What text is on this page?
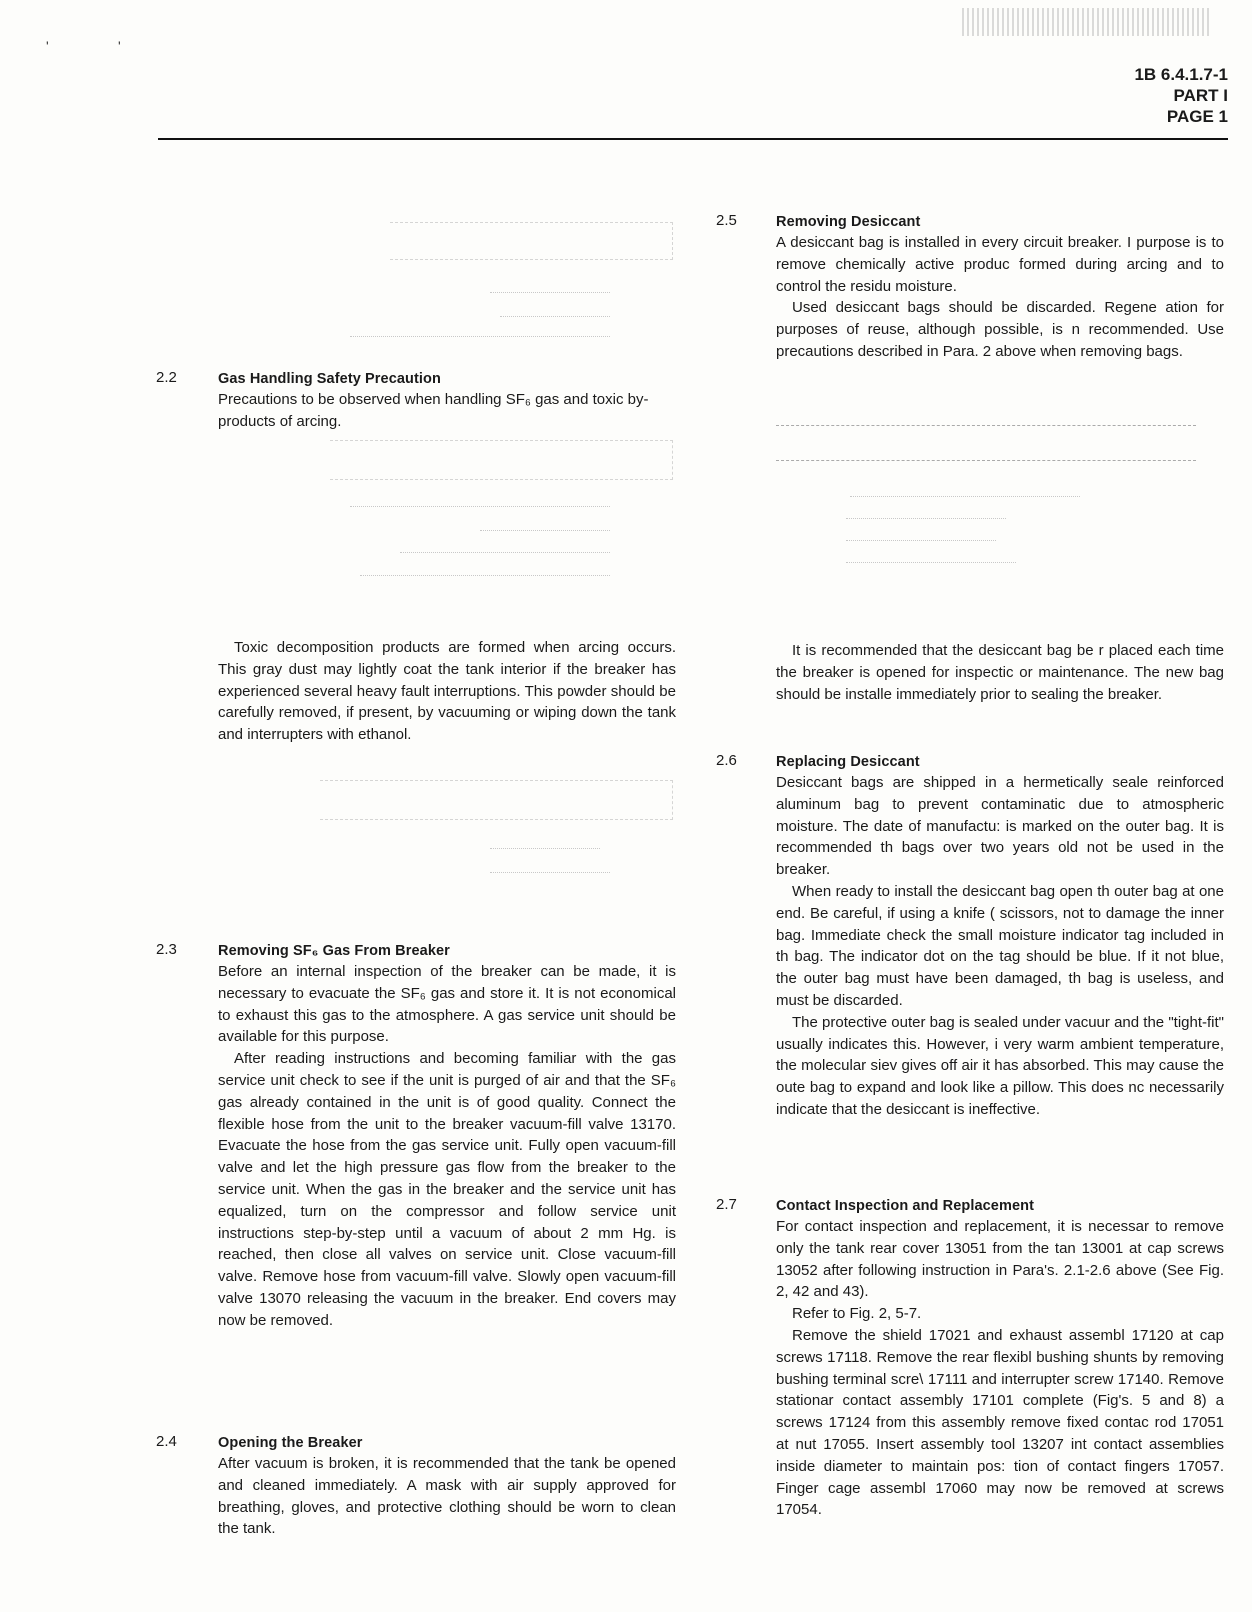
'	'
1B 6.4.1.7-1
PART I
PAGE 1
2.2	Gas Handling Safety Precaution

Precautions to be observed when handling SF₆ gas and toxic by-products of arcing.

Toxic decomposition products are formed when arcing occurs. This gray dust may lightly coat the tank interior if the breaker has experienced several heavy fault interruptions. This powder should be carefully removed, if present, by vacuuming or wiping down the tank and interrupters with ethanol.

2.3	Removing SF₆ Gas From Breaker

Before an internal inspection of the breaker can be made, it is necessary to evacuate the SF₆ gas and store it. It is not economical to exhaust this gas to the atmosphere. A gas service unit should be available for this purpose.

After reading instructions and becoming familiar with the gas service unit check to see if the unit is purged of air and that the SF₆ gas already contained in the unit is of good quality. Connect the flexible hose from the unit to the breaker vacuum-fill valve 13170. Evacuate the hose from the gas service unit. Fully open vacuum-fill valve and let the high pressure gas flow from the breaker to the service unit. When the gas in the breaker and the service unit has equalized, turn on the compressor and follow service unit instructions step-by-step until a vacuum of about 2 mm Hg. is reached, then close all valves on service unit. Close vacuum-fill valve. Remove hose from vacuum-fill valve. Slowly open vacuum-fill valve 13070 releasing the vacuum in the breaker. End covers may now be removed.

2.4	Opening the Breaker

After vacuum is broken, it is recommended that the tank be opened and cleaned immediately. A mask with air supply approved for breathing, gloves, and protective clothing should be worn to clean the tank.

2.5	Removing Desiccant

A desiccant bag is installed in every circuit breaker. I purpose is to remove chemically active produc formed during arcing and to control the residu moisture.

Used desiccant bags should be discarded. Regene ation for purposes of reuse, although possible, is n recommended. Use precautions described in Para. 2 above when removing bags.

It is recommended that the desiccant bag be r placed each time the breaker is opened for inspectic or maintenance. The new bag should be installe immediately prior to sealing the breaker.

2.6	Replacing Desiccant

Desiccant bags are shipped in a hermetically seale reinforced aluminum bag to prevent contaminatic due to atmospheric moisture. The date of manufactu: is marked on the outer bag. It is recommended th bags over two years old not be used in the breaker.

When ready to install the desiccant bag open th outer bag at one end. Be careful, if using a knife ( scissors, not to damage the inner bag. Immediate check the small moisture indicator tag included in th bag. The indicator dot on the tag should be blue. If it not blue, the outer bag must have been damaged, th bag is useless, and must be discarded.

The protective outer bag is sealed under vacuur and the "tight-fit" usually indicates this. However, i very warm ambient temperature, the molecular siev gives off air it has absorbed. This may cause the oute bag to expand and look like a pillow. This does nc necessarily indicate that the desiccant is ineffective.

2.7	Contact Inspection and Replacement

For contact inspection and replacement, it is necessar to remove only the tank rear cover 13051 from the tan 13001 at cap screws 13052 after following instruction in Para's. 2.1-2.6 above (See Fig. 2, 42 and 43).

Refer to Fig. 2, 5-7.

Remove the shield 17021 and exhaust assembl 17120 at cap screws 17118. Remove the rear flexibl bushing shunts by removing bushing terminal scre\ 17111 and interrupter screw 17140. Remove stationar contact assembly 17101 complete (Fig's. 5 and 8) a screws 17124 from this assembly remove fixed contac rod 17051 at nut 17055. Insert assembly tool 13207 int contact assemblies inside diameter to maintain pos: tion of contact fingers 17057. Finger cage assembl 17060 may now be removed at screws 17054.
